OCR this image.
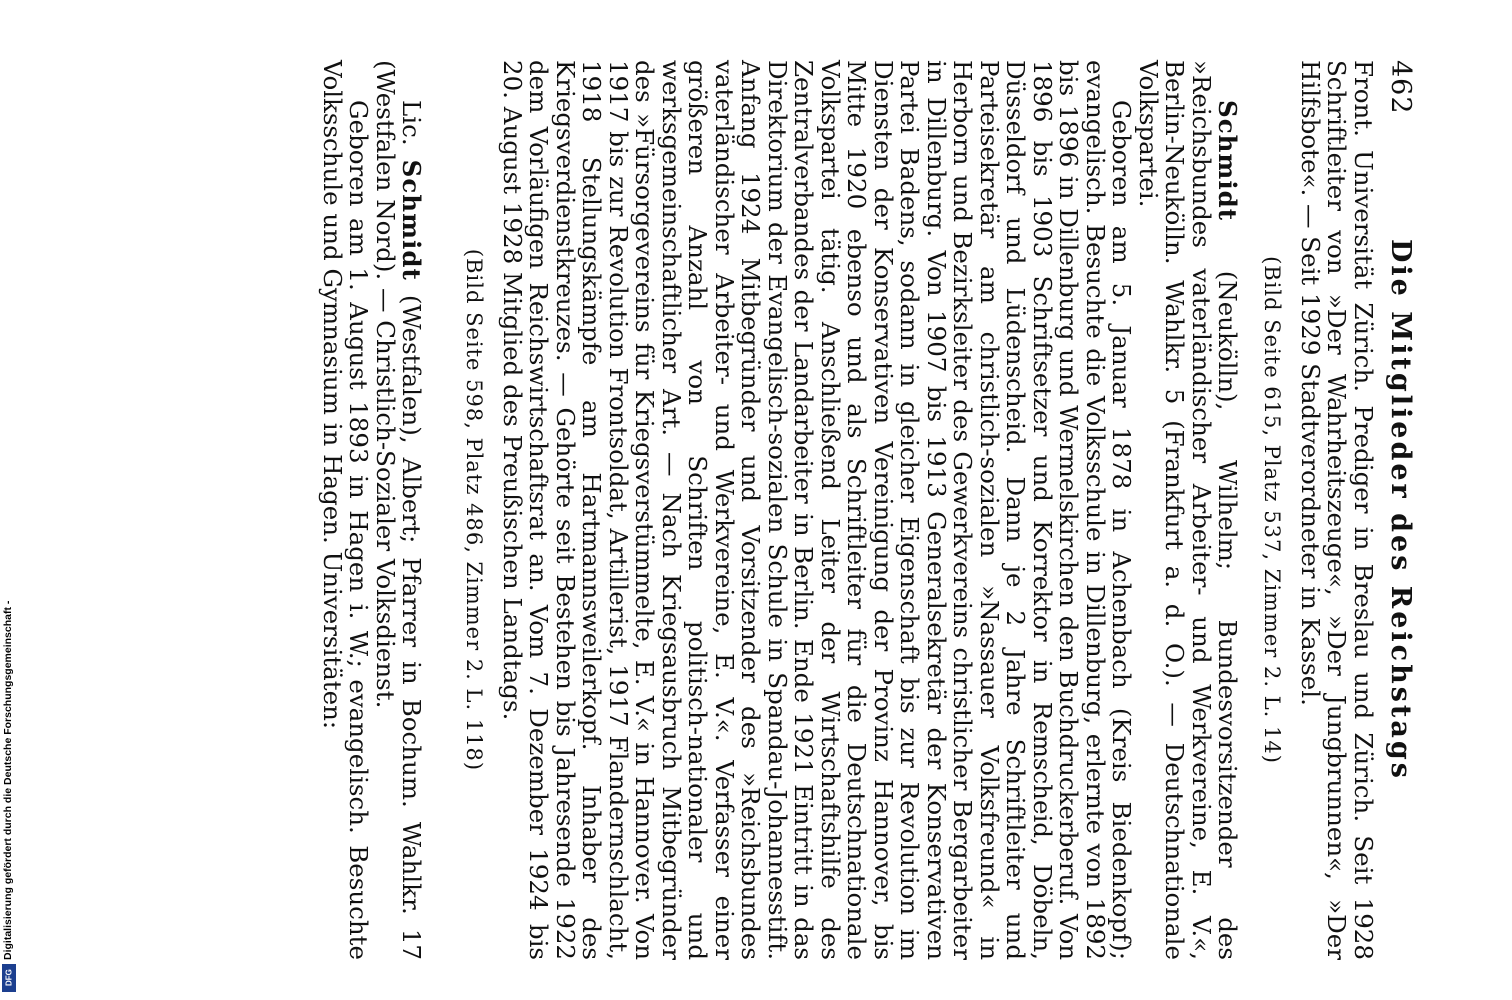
462
Die Mitglieder des Reichstags

Front. Universität Zürich. Prediger in Breslau und Zürich. Seit 1928 Schriftleiter von »Der Wahrheitszeuge«, »Der Jungbrunnen«, »Der Hilfsbote«. — Seit 1929 Stadtverordneter in Kassel.

(Bild Seite 615, Platz 537, Zimmer 2. L. 14)

Schmidt (Neukölln), Wilhelm; Bundesvorsitzender des »Reichsbundes vaterländischer Arbeiter- und Werkvereine, E. V.«, Berlin-Neukölln. Wahlkr. 5 (Frankfurt a. d. O.). — Deutschnationale Volkspartei.

Geboren am 5. Januar 1878 in Achenbach (Kreis Biedenkopf); evangelisch. Besuchte die Volksschule in Dillenburg, erlernte von 1892 bis 1896 in Dillenburg und Wermelskirchen den Buchdruckerberuf. Von 1896 bis 1903 Schriftsetzer und Korrektor in Remscheid, Döbeln, Düsseldorf und Lüdenscheid. Dann je 2 Jahre Schriftleiter und Parteisekretär am christlich-sozialen »Nassauer Volksfreund« in Herborn und Bezirksleiter des Gewerkvereins christlicher Bergarbeiter in Dillenburg. Von 1907 bis 1913 Generalsekretär der Konservativen Partei Badens, sodann in gleicher Eigenschaft bis zur Revolution im Diensten der Konservativen Vereinigung der Provinz Hannover, bis Mitte 1920 ebenso und als Schriftleiter für die Deutschnationale Volkspartei tätig. Anschließend Leiter der Wirtschaftshilfe des Zentralverbandes der Landarbeiter in Berlin. Ende 1921 Eintritt in das Direktorium der Evangelisch-sozialen Schule in Spandau-Johannesstift. Anfang 1924 Mitbegründer und Vorsitzender des »Reichsbundes vaterländischer Arbeiter- und Werkvereine, E. V.«. Verfasser einer größeren Anzahl von Schriften politisch-nationaler und werksgemeinschaftlicher Art. — Nach Kriegsausbruch Mitbegründer des »Fürsorgevereins für Kriegsverstümmelte, E. V.« in Hannover. Von 1917 bis zur Revolution Frontsoldat, Artillerist, 1917 Flandernschlacht, 1918 Stellungskämpfe am Hartmannsweilerkopf. Inhaber des Kriegsverdienstkreuzes. — Gehörte seit Bestehen bis Jahresende 1922 dem Vorläufigen Reichswirtschaftsrat an. Vom 7. Dezember 1924 bis 20. August 1928 Mitglied des Preußischen Landtags.

(Bild Seite 598, Platz 486, Zimmer 2. L. 118)

Lic. Schmidt (Westfalen), Albert; Pfarrer in Bochum. Wahlkr. 17 (Westfalen Nord). — Christlich-Sozialer Volksdienst.

Geboren am 1. August 1893 in Hagen i. W.; evangelisch. Besuchte Volksschule und Gymnasium in Hagen. Universitäten:

Digitalisierung gefördert durch die Deutsche Forschungsgemeinschaft -
DFG
